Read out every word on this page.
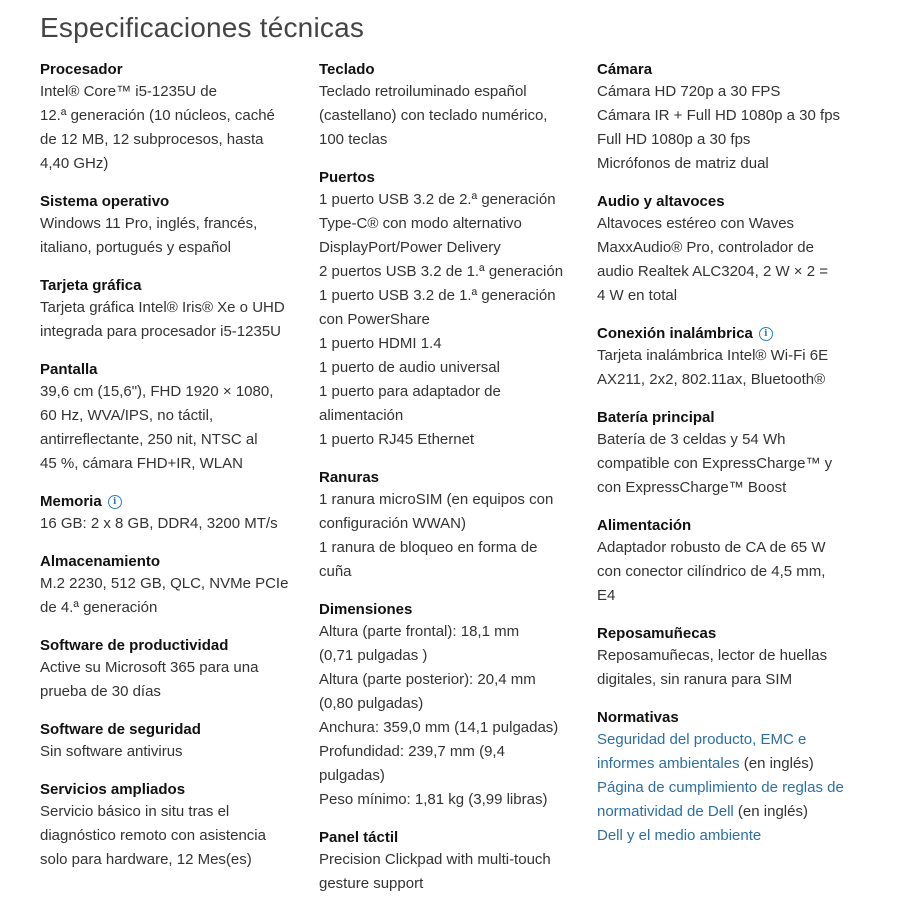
Especificaciones técnicas
Procesador
Intel® Core™ i5-1235U de
12.ª generación (10 núcleos, caché
de 12 MB, 12 subprocesos, hasta
4,40 GHz)
Sistema operativo
Windows 11 Pro, inglés, francés,
italiano, portugués y español
Tarjeta gráfica
Tarjeta gráfica Intel® Iris® Xe o UHD
integrada para procesador i5-1235U
Pantalla
39,6 cm (15,6"), FHD 1920 × 1080,
60 Hz, WVA/IPS, no táctil,
antirreflectante, 250 nit, NTSC al
45 %, cámara FHD+IR, WLAN
Memoria	i
16 GB: 2 x 8 GB, DDR4, 3200 MT/s
Almacenamiento
M.2 2230, 512 GB, QLC, NVMe PCIe
de 4.ª generación
Software de productividad
Active su Microsoft 365 para una
prueba de 30 días
Software de seguridad
Sin software antivirus
Servicios ampliados
Servicio básico in situ tras el
diagnóstico remoto con asistencia
solo para hardware, 12 Mes(es)
Teclado
Teclado retroiluminado español
(castellano) con teclado numérico,
100 teclas
Puertos
1 puerto USB 3.2 de 2.ª generación
Type-C® con modo alternativo
DisplayPort/Power Delivery
2 puertos USB 3.2 de 1.ª generación
1 puerto USB 3.2 de 1.ª generación
con PowerShare
1 puerto HDMI 1.4
1 puerto de audio universal
1 puerto para adaptador de
alimentación
1 puerto RJ45 Ethernet
Ranuras
1 ranura microSIM (en equipos con
configuración WWAN)
1 ranura de bloqueo en forma de
cuña
Dimensiones
Altura (parte frontal): 18,1 mm
(0,71 pulgadas )
Altura (parte posterior): 20,4 mm
(0,80 pulgadas)
Anchura: 359,0 mm (14,1 pulgadas)
Profundidad: 239,7 mm (9,4
pulgadas)
Peso mínimo: 1,81 kg (3,99 libras)
Panel táctil
Precision Clickpad with multi-touch
gesture support
Cámara
Cámara HD 720p a 30 FPS
Cámara IR + Full HD 1080p a 30 fps
Full HD 1080p a 30 fps
Micrófonos de matriz dual
Audio y altavoces
Altavoces estéreo con Waves
MaxxAudio® Pro, controlador de
audio Realtek ALC3204, 2 W × 2 =
4 W en total
Conexión inalámbrica	i
Tarjeta inalámbrica Intel® Wi-Fi 6E
AX211, 2x2, 802.11ax, Bluetooth®
Batería principal
Batería de 3 celdas y 54 Wh
compatible con ExpressCharge™ y
con ExpressCharge™ Boost
Alimentación
Adaptador robusto de CA de 65 W
con conector cilíndrico de 4,5 mm,
E4
Reposamuñecas
Reposamuñecas, lector de huellas
digitales, sin ranura para SIM
Normativas
Seguridad del producto, EMC e
informes ambientales (en inglés)
Página de cumplimiento de reglas de
normatividad de Dell (en inglés)
Dell y el medio ambiente
